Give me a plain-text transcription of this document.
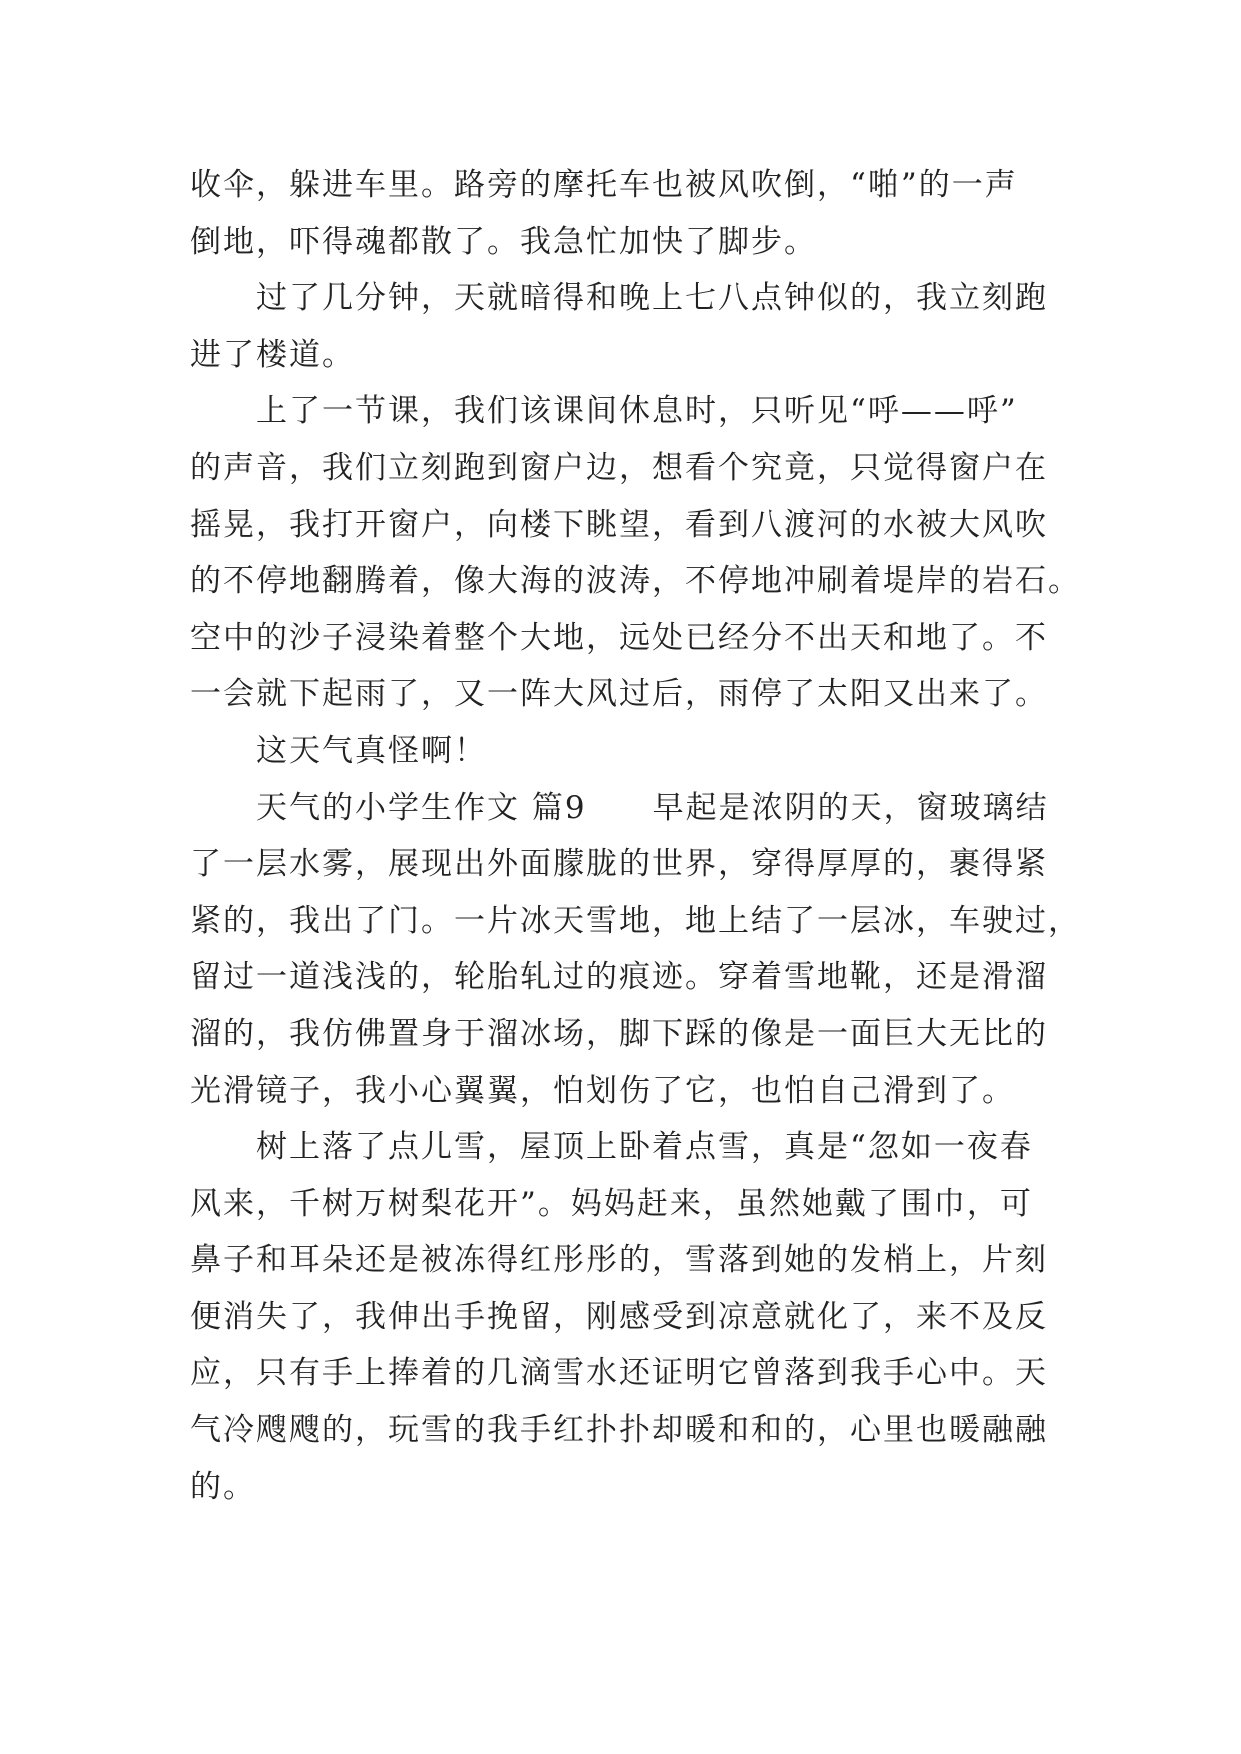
收伞，躲进车里。路旁的摩托车也被风吹倒，“啪”的一声
倒地，吓得魂都散了。我急忙加快了脚步。
　　过了几分钟，天就暗得和晚上七八点钟似的，我立刻跑
进了楼道。
　　上了一节课，我们该课间休息时，只听见“呼——呼”
的声音，我们立刻跑到窗户边，想看个究竟，只觉得窗户在
摇晃，我打开窗户，向楼下眺望，看到八渡河的水被大风吹
的不停地翻腾着，像大海的波涛，不停地冲刷着堤岸的岩石。
空中的沙子浸染着整个大地，远处已经分不出天和地了。不
一会就下起雨了，又一阵大风过后，雨停了太阳又出来了。
　　这天气真怪啊！
　　天气的小学生作文 篇9　　早起是浓阴的天，窗玻璃结
了一层水雾，展现出外面朦胧的世界，穿得厚厚的，裹得紧
紧的，我出了门。一片冰天雪地，地上结了一层冰，车驶过，
留过一道浅浅的，轮胎轧过的痕迹。穿着雪地靴，还是滑溜
溜的，我仿佛置身于溜冰场，脚下踩的像是一面巨大无比的
光滑镜子，我小心翼翼，怕划伤了它，也怕自己滑到了。
　　树上落了点儿雪，屋顶上卧着点雪，真是“忽如一夜春
风来，千树万树梨花开”。妈妈赶来，虽然她戴了围巾，可
鼻子和耳朵还是被冻得红彤彤的，雪落到她的发梢上，片刻
便消失了，我伸出手挽留，刚感受到凉意就化了，来不及反
应，只有手上捧着的几滴雪水还证明它曾落到我手心中。天
气冷飕飕的，玩雪的我手红扑扑却暖和和的，心里也暖融融
的。
